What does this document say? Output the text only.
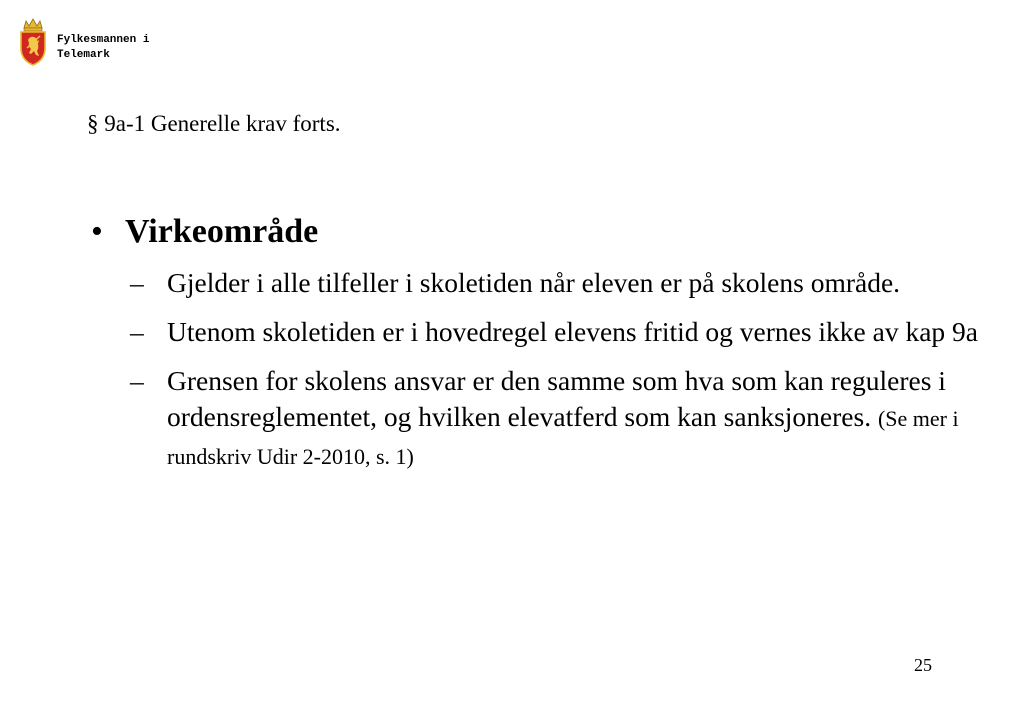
Fylkesmannen i
Telemark
§ 9a-1 Generelle krav forts.
• Virkeområde
– Gjelder i alle tilfeller i skoletiden når eleven er på skolens område.
– Utenom skoletiden er i hovedregel elevens fritid og vernes ikke av kap 9a
– Grensen for skolens ansvar er den samme som hva som kan reguleres i ordensreglementet, og hvilken elevatferd som kan sanksjoneres. (Se mer i rundskriv Udir 2-2010, s. 1)
25
